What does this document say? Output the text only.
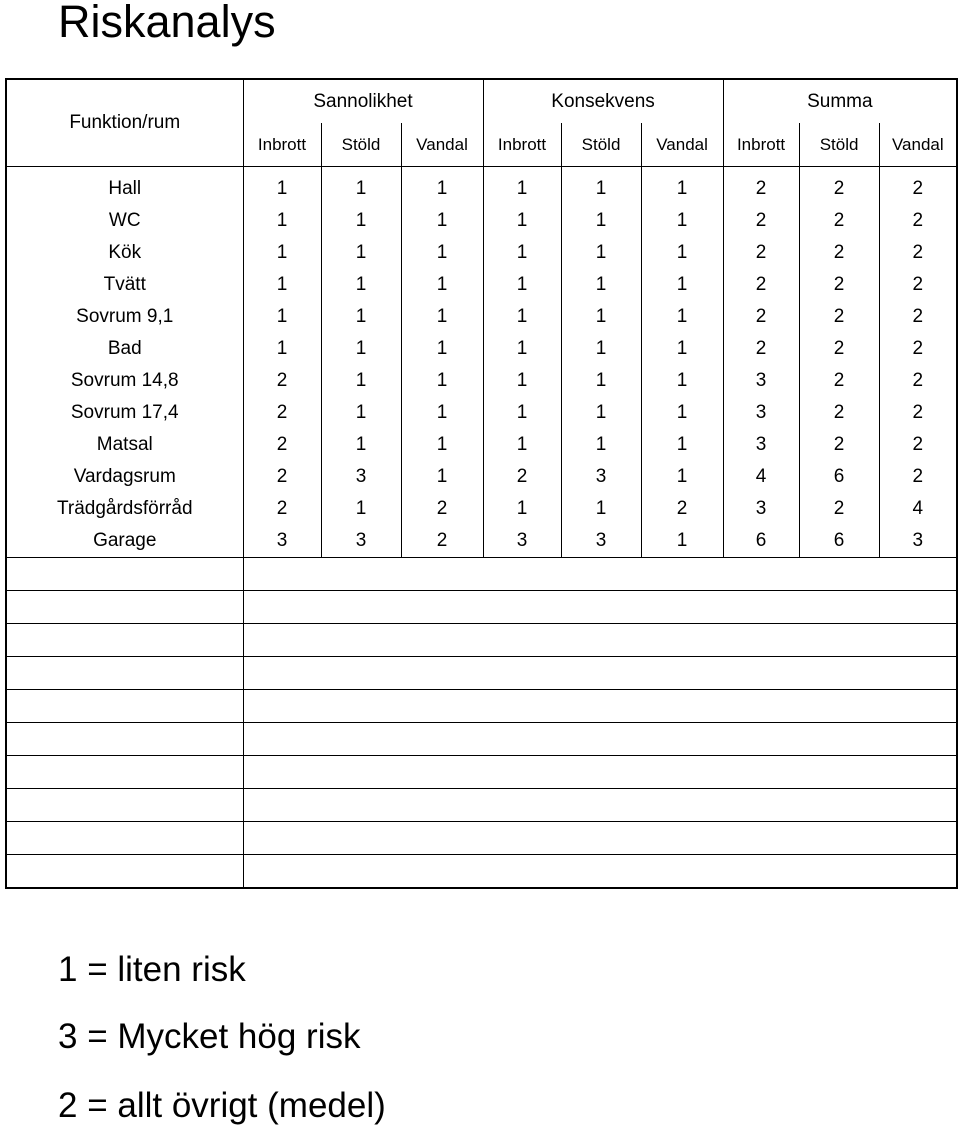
Riskanalys
Funktion/rum	Sannolikhet			Konsekvens			Summa		
	Inbrott	Stöld	Vandal	Inbrott	Stöld	Vandal	Inbrott	Stöld	Vandal
Hall	1	1	1	1	1	1	2	2	2
WC	1	1	1	1	1	1	2	2	2
Kök	1	1	1	1	1	1	2	2	2
Tvätt	1	1	1	1	1	1	2	2	2
Sovrum 9,1	1	1	1	1	1	1	2	2	2
Bad	1	1	1	1	1	1	2	2	2
Sovrum 14,8	2	1	1	1	1	1	3	2	2
Sovrum 17,4	2	1	1	1	1	1	3	2	2
Matsal	2	1	1	1	1	1	3	2	2
Vardagsrum	2	3	1	2	3	1	4	6	2
Trädgårdsförråd	2	1	2	1	1	2	3	2	4
Garage	3	3	2	3	3	1	6	6	3

1 = liten risk
3 = Mycket hög risk
2 = allt övrigt (medel)
